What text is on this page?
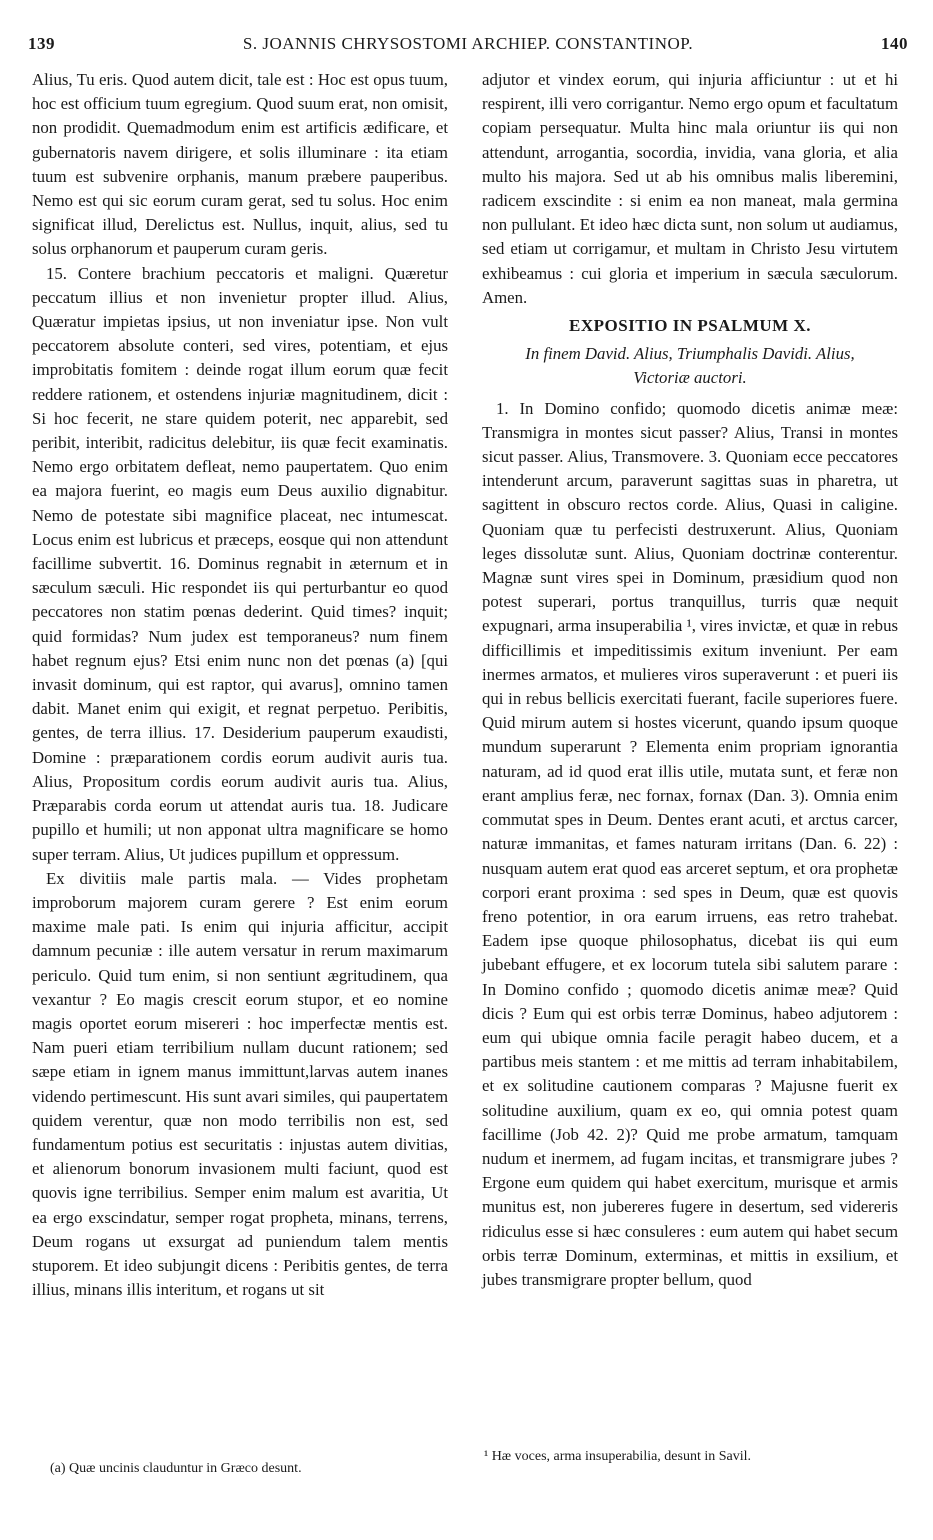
139	S. JOANNIS CHRYSOSTOMI ARCHIEP. CONSTANTINOP.	140

Alius, Tu eris. Quod autem dicit, tale est : Hoc est opus tuum, hoc est officium tuum egregium. Quod suum erat, non omisit, non prodidit. Quemadmodum enim est artificis ædificare, et gubernatoris navem dirigere, et solis illuminare : ita etiam tuum est subvenire orphanis, manum præbere pauperibus. Nemo est qui sic eorum curam gerat, sed tu solus. Hoc enim significat illud, Derelictus est. Nullus, inquit, alius, sed tu solus orphanorum et pauperum curam geris.

15. Contere brachium peccatoris et maligni. Quæretur peccatum illius et non invenietur propter illud. Alius, Quæratur impietas ipsius, ut non inveniatur ipse. Non vult peccatorem absolute conteri, sed vires, potentiam, et ejus improbitatis fomitem : deinde rogat illum eorum quæ fecit reddere rationem, et ostendens injuriæ magnitudinem, dicit : Si hoc fecerit, ne stare quidem poterit, nec apparebit, sed peribit, interibit, radicitus delebitur, iis quæ fecit examinatis. Nemo ergo orbitatem defleat, nemo paupertatem. Quo enim ea majora fuerint, eo magis eum Deus auxilio dignabitur. Nemo de potestate sibi magnifice placeat, nec intumescat. Locus enim est lubricus et præceps, eosque qui non attendunt facillime subvertit. 16. Dominus regnabit in æternum et in sæculum sæculi. Hic respondet iis qui perturbantur eo quod peccatores non statim pœnas dederint. Quid times? inquit; quid formidas? Num judex est temporaneus? num finem habet regnum ejus? Etsi enim nunc non det pœnas (a) [qui invasit dominum, qui est raptor, qui avarus], omnino tamen dabit. Manet enim qui exigit, et regnat perpetuo. Peribitis, gentes, de terra illius. 17. Desiderium pauperum exaudisti, Domine : præparationem cordis eorum audivit auris tua. Alius, Propositum cordis eorum audivit auris tua. Alius, Præparabis corda eorum ut attendat auris tua. 18. Judicare pupillo et humili; ut non apponat ultra magnificare se homo super terram. Alius, Ut judices pupillum et oppressum.

Ex divitiis male partis mala. — Vides prophetam improborum majorem curam gerere ? Est enim eorum maxime male pati. Is enim qui injuria afficitur, accipit damnum pecuniæ : ille autem versatur in rerum maximarum periculo. Quid tum enim, si non sentiunt ægritudinem, qua vexantur ? Eo magis crescit eorum stupor, et eo nomine magis oportet eorum misereri : hoc imperfectæ mentis est. Nam pueri etiam terribilium nullam ducunt rationem; sed sæpe etiam in ignem manus immittunt,larvas autem inanes videndo pertimescunt. His sunt avari similes, qui paupertatem quidem verentur, quæ non modo terribilis non est, sed fundamentum potius est securitatis : injustas autem divitias, et alienorum bonorum invasionem multi faciunt, quod est quovis igne terribilius. Semper enim malum est avaritia, Ut ea ergo exscindatur, semper rogat propheta, minans, terrens, Deum rogans ut exsurgat ad puniendum talem mentis stuporem. Et ideo subjungit dicens : Peribitis gentes, de terra illius, minans illis interitum, et rogans ut sit

adjutor et vindex eorum, qui injuria afficiuntur : ut et hi respirent, illi vero corrigantur. Nemo ergo opum et facultatum copiam persequatur. Multa hinc mala oriuntur iis qui non attendunt, arrogantia, socordia, invidia, vana gloria, et alia multo his majora. Sed ut ab his omnibus malis liberemini, radicem exscindite : si enim ea non maneat, mala germina non pullulant. Et ideo hæc dicta sunt, non solum ut audiamus, sed etiam ut corrigamur, et multam in Christo Jesu virtutem exhibeamus : cui gloria et imperium in sæcula sæculorum. Amen.

EXPOSITIO IN PSALMUM X.

In finem David. Alius, Triumphalis Davidi. Alius,

Victoriæ auctori.

1. In Domino confido; quomodo dicetis animæ meæ: Transmigra in montes sicut passer? Alius, Transi in montes sicut passer. Alius, Transmovere. 3. Quoniam ecce peccatores intenderunt arcum, paraverunt sagittas suas in pharetra, ut sagittent in obscuro rectos corde. Alius, Quasi in caligine. Quoniam quæ tu perfecisti destruxerunt. Alius, Quoniam leges dissolutæ sunt. Alius, Quoniam doctrinæ conterentur. Magnæ sunt vires spei in Dominum, præsidium quod non potest superari, portus tranquillus, turris quæ nequit expugnari, arma insuperabilia ¹, vires invictæ, et quæ in rebus difficillimis et impeditissimis exitum inveniunt. Per eam inermes armatos, et mulieres viros superaverunt : et pueri iis qui in rebus bellicis exercitati fuerant, facile superiores fuere. Quid mirum autem si hostes vicerunt, quando ipsum quoque mundum superarunt ? Elementa enim propriam ignorantia naturam, ad id quod erat illis utile, mutata sunt, et feræ non erant amplius feræ, nec fornax, fornax (Dan. 3). Omnia enim commutat spes in Deum. Dentes erant acuti, et arctus carcer, naturæ immanitas, et fames naturam irritans (Dan. 6. 22) : nusquam autem erat quod eas arceret septum, et ora prophetæ corpori erant proxima : sed spes in Deum, quæ est quovis freno potentior, in ora earum irruens, eas retro trahebat. Eadem ipse quoque philosophatus, dicebat iis qui eum jubebant effugere, et ex locorum tutela sibi salutem parare : In Domino confido ; quomodo dicetis animæ meæ? Quid dicis ? Eum qui est orbis terræ Dominus, habeo adjutorem : eum qui ubique omnia facile peragit habeo ducem, et a partibus meis stantem : et me mittis ad terram inhabitabilem, et ex solitudine cautionem comparas ? Majusne fuerit ex solitudine auxilium, quam ex eo, qui omnia potest quam facillime (Job 42. 2)? Quid me probe armatum, tamquam nudum et inermem, ad fugam incitas, et transmigrare jubes ? Ergone eum quidem qui habet exercitum, murisque et armis munitus est, non jubereres fugere in desertum, sed videreris ridiculus esse si hæc consuleres : eum autem qui habet secum orbis terræ Dominum, exterminas, et mittis in exsilium, et jubes transmigrare propter bellum, quod

(a) Quæ uncinis clauduntur in Græco desunt.
¹ Hæ voces, arma insuperabilia, desunt in Savil.
